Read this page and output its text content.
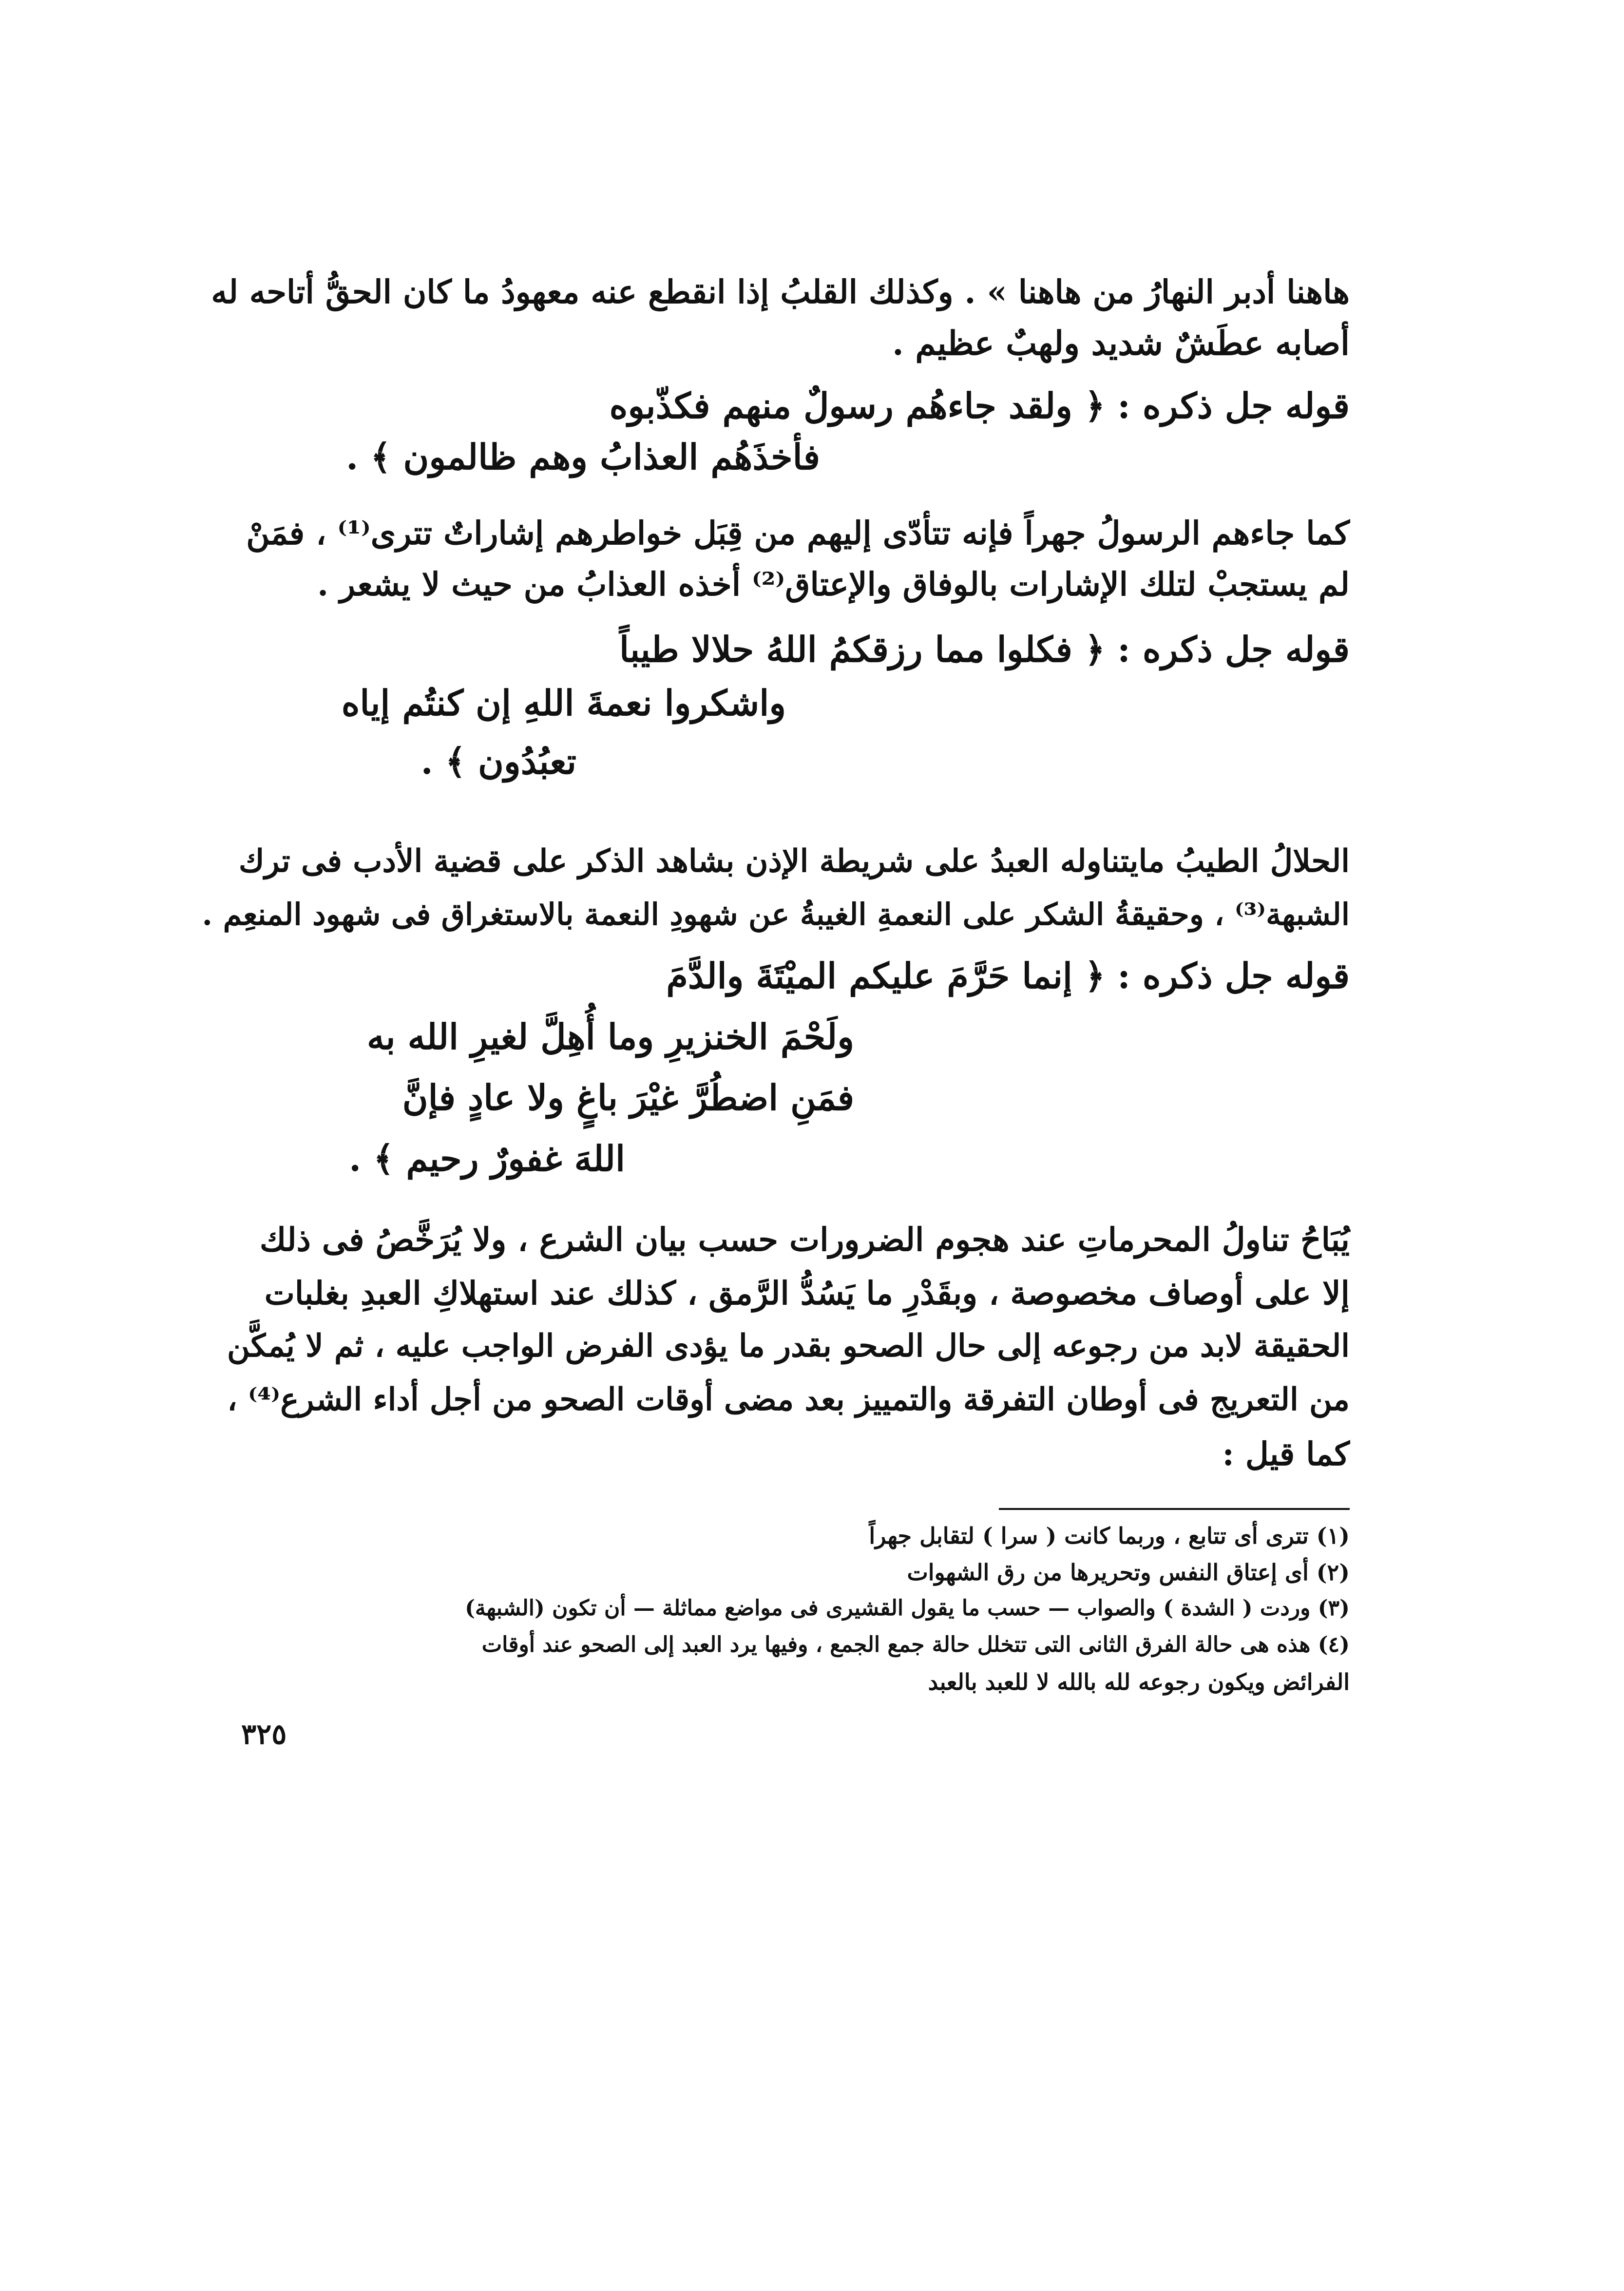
هاهنا أدبر النهارُ من هاهنا » . وكذلك القلبُ إذا انقطع عنه معهودُ ما كان الحقُّ أتاحه له
أصابه عطَشٌ شديد ولهبٌ عظيم .
قوله جل ذكره : ﴿ ولقد جاءهُم رسولٌ منهم فكذّبوه
فأخذَهُم العذابُ وهم ظالمون ﴾ .
كما جاءهم الرسولُ جهراً فإنه تتأدّى إليهم من قِبَل خواطرهم إشاراتٌ تترى⁽¹⁾ ، فمَنْ
لم يستجبْ لتلك الإشارات بالوفاق والإعتاق⁽²⁾ أخذه العذابُ من حيث لا يشعر .
قوله جل ذكره : ﴿ فكلوا مما رزقكمُ اللهُ حلالا طيباً
واشكروا نعمةَ اللهِ إن كنتُم إياه
تعبُدُون ﴾ .
الحلالُ الطيبُ مايتناوله العبدُ على شريطة الإذن بشاهد الذكر على قضية الأدب فى ترك
الشبهة⁽³⁾ ، وحقيقةُ الشكر على النعمةِ الغيبةُ عن شهودِ النعمة بالاستغراق فى شهود المنعِم .
قوله جل ذكره : ﴿ إنما حَرَّمَ عليكم الميْتَةَ والدَّمَ
ولَحْمَ الخنزيرِ وما أُهِلَّ لغيرِ الله به
فمَنِ اضطُرَّ غيْرَ باغٍ ولا عادٍ فإنَّ
اللهَ غفورٌ رحيم ﴾ .
يُبَاحُ تناولُ المحرماتِ عند هجوم الضرورات حسب بيان الشرع ، ولا يُرَخَّصُ فى ذلك
إلا على أوصاف مخصوصة ، وبقَدْرِ ما يَسُدُّ الرَّمق ، كذلك عند استهلاكِ العبدِ بغلبات
الحقيقة لابد من رجوعه إلى حال الصحو بقدر ما يؤدى الفرض الواجب عليه ، ثم لا يُمكَّن
من التعريج فى أوطان التفرقة والتمييز بعد مضى أوقات الصحو من أجل أداء الشرع⁽⁴⁾ ،
كما قيل :
(١) تترى أى تتابع ، وربما كانت ( سرا ) لتقابل جهراً
(٢) أى إعتاق النفس وتحريرها من رق الشهوات
(٣) وردت ( الشدة ) والصواب — حسب ما يقول القشيرى فى مواضع مماثلة — أن تكون (الشبهة)
(٤) هذه هى حالة الفرق الثانى التى تتخلل حالة جمع الجمع ، وفيها يرد العبد إلى الصحو عند أوقات
الفرائض ويكون رجوعه لله بالله لا للعبد بالعبد
٣٢٥
